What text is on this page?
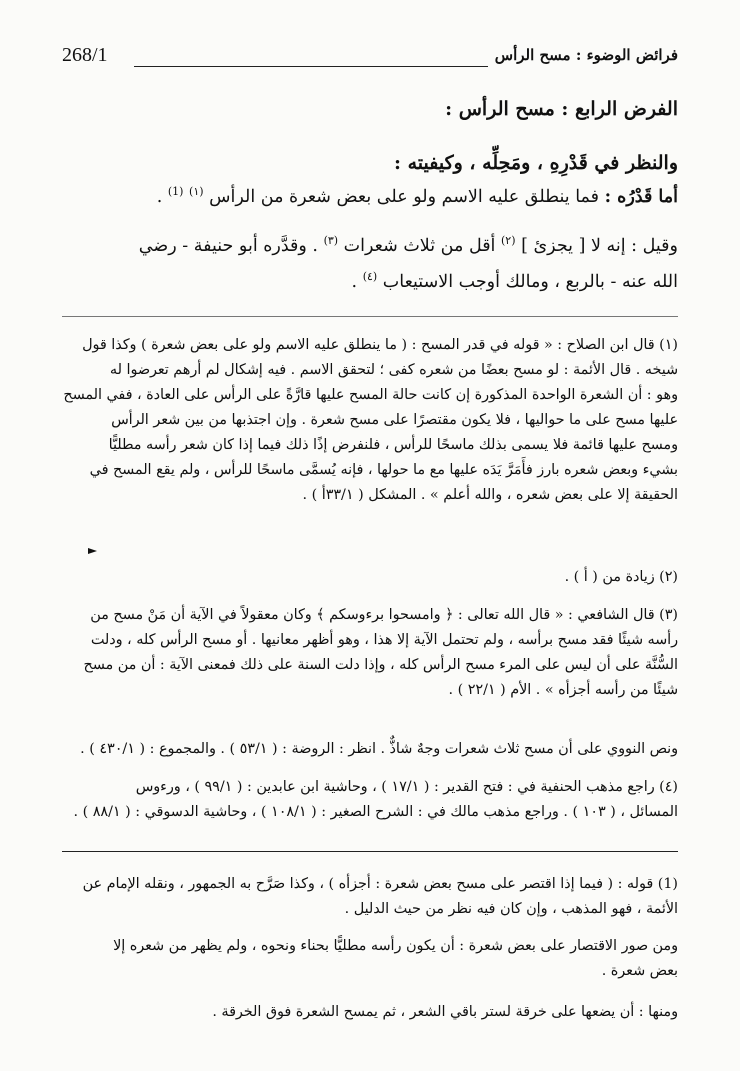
268/1	فرائض الوضوء : مسح الرأس
الفرض الرابع : مسح الرأس :
والنظر في قَدْرِهِ ، ومَحِلِّه ، وكيفيته :
أما قَدْرُه : فما ينطلق عليه الاسم ولو على بعض شعرة من الرأس $^{(١)}$ $^{(1)}$ .
وقيل : إنه لا [ يجزئ ] $^{(٢)}$ أقل من ثلاث شعرات $^{(٣)}$ . وقدَّره أبو حنيفة - رضي
الله عنه - بالربع ، ومالك أوجب الاستيعاب $^{(٤)}$ .
(١) قال ابن الصلاح : « قوله في قدر المسح : ( ما ينطلق عليه الاسم ولو على بعض شعرة ) وكذا قول
شيخه . قال الأئمة : لو مسح بعضًا من شعره كفى ؛ لتحقق الاسم . فيه إشكال لم أرهم تعرضوا له
وهو : أن الشعرة الواحدة المذكورة إن كانت حالة المسح عليها قارَّةً على الرأس على العادة ، ففي المسح
عليها مسح على ما حواليها ، فلا يكون مقتصرًا على مسح شعرة . وإن اجتذبها من بين شعر الرأس
ومسح عليها قائمة فلا يسمى بذلك ماسحًا للرأس ، فلنفرض إذًا ذلك فيما إذا كان شعر رأسه مطليًّا
بشيء وبعض شعره بارز فأَمَرَّ يَدَه عليها مع ما حولها ، فإنه يُسمَّى ماسحًا للرأس ، ولم يقع المسح في
الحقيقة إلا على بعض شعره ، والله أعلم » . المشكل ( ٣٣/١أ ) .
(٢) زيادة من ( أ ) .
(٣) قال الشافعي : « قال الله تعالى : ﴿ وامسحوا برءوسكم ﴾ وكان معقولاً في الآية أن مَنْ مسح من
رأسه شيئًا فقد مسح برأسه ، ولم تحتمل الآية إلا هذا ، وهو أظهر معانيها . أو مسح الرأس كله ، ودلت
السُّنَّة على أن ليس على المرء مسح الرأس كله ، وإذا دلت السنة على ذلك فمعنى الآية : أن من مسح
شيئًا من رأسه أجزأه » . الأم ( ٢٢/١ ) .
ونص النووي على أن مسح ثلاث شعرات وجهٌ شاذٌّ . انظر : الروضة : ( ٥٣/١ ) . والمجموع : ( ٤٣٠/١ ) .
(٤) راجع مذهب الحنفية في : فتح القدير : ( ١٧/١ ) ، وحاشية ابن عابدين : ( ٩٩/١ ) ، ورءوس
المسائل ، ( ١٠٣ ) . وراجع مذهب مالك في : الشرح الصغير : ( ١٠٨/١ ) ، وحاشية الدسوقي : ( ٨٨/١ ) .
(1) قوله : ( فيما إذا اقتصر على مسح بعض شعرة : أجزأه ) ، وكذا صَرَّح به الجمهور ، ونقله الإمام عن
الأئمة ، فهو المذهب ، وإن كان فيه نظر من حيث الدليل .
ومن صور الاقتصار على بعض شعرة : أن يكون رأسه مطليًّا بحناء ونحوه ، ولم يظهر من شعره إلا
بعض شعرة .
ومنها : أن يضعها على خرقة لستر باقي الشعر ، ثم يمسح الشعرة فوق الخرقة .
